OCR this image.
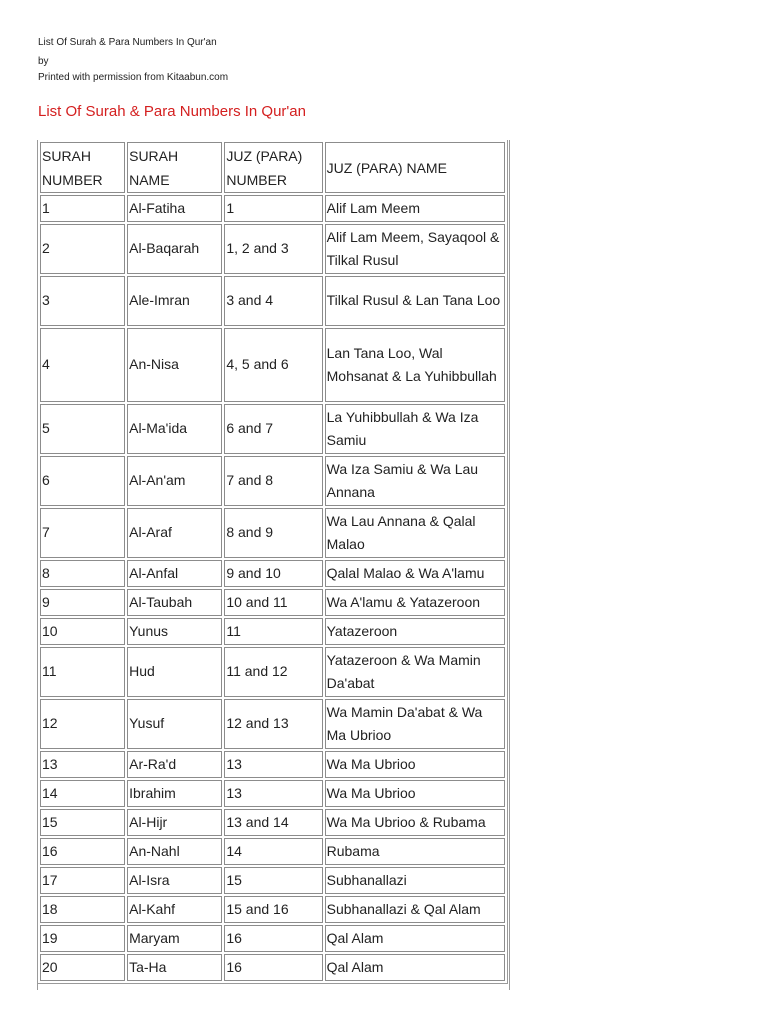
List Of Surah & Para Numbers In Qur'an
by
Printed with permission from Kitaabun.com
List Of Surah & Para Numbers In Qur'an
SURAH NUMBER	SURAH NAME	JUZ (PARA) NUMBER	JUZ (PARA) NAME
1	Al-Fatiha	1	Alif Lam Meem
2	Al-Baqarah	1, 2 and 3	Alif Lam Meem, Sayaqool & Tilkal Rusul
3	Ale-Imran	3 and 4	Tilkal Rusul & Lan Tana Loo
4	An-Nisa	4, 5 and 6	Lan Tana Loo, Wal Mohsanat & La Yuhibbullah
5	Al-Ma'ida	6 and 7	La Yuhibbullah & Wa Iza Samiu
6	Al-An'am	7 and 8	Wa Iza Samiu & Wa Lau Annana
7	Al-Araf	8 and 9	Wa Lau Annana & Qalal Malao
8	Al-Anfal	9 and 10	Qalal Malao & Wa A'lamu
9	Al-Taubah	10 and 11	Wa A'lamu & Yatazeroon
10	Yunus	11	Yatazeroon
11	Hud	11 and 12	Yatazeroon & Wa Mamin Da'abat
12	Yusuf	12 and 13	Wa Mamin Da'abat & Wa Ma Ubrioo
13	Ar-Ra'd	13	Wa Ma Ubrioo
14	Ibrahim	13	Wa Ma Ubrioo
15	Al-Hijr	13 and 14	Wa Ma Ubrioo & Rubama
16	An-Nahl	14	Rubama
17	Al-Isra	15	Subhanallazi
18	Al-Kahf	15 and 16	Subhanallazi & Qal Alam
19	Maryam	16	Qal Alam
20	Ta-Ha	16	Qal Alam
